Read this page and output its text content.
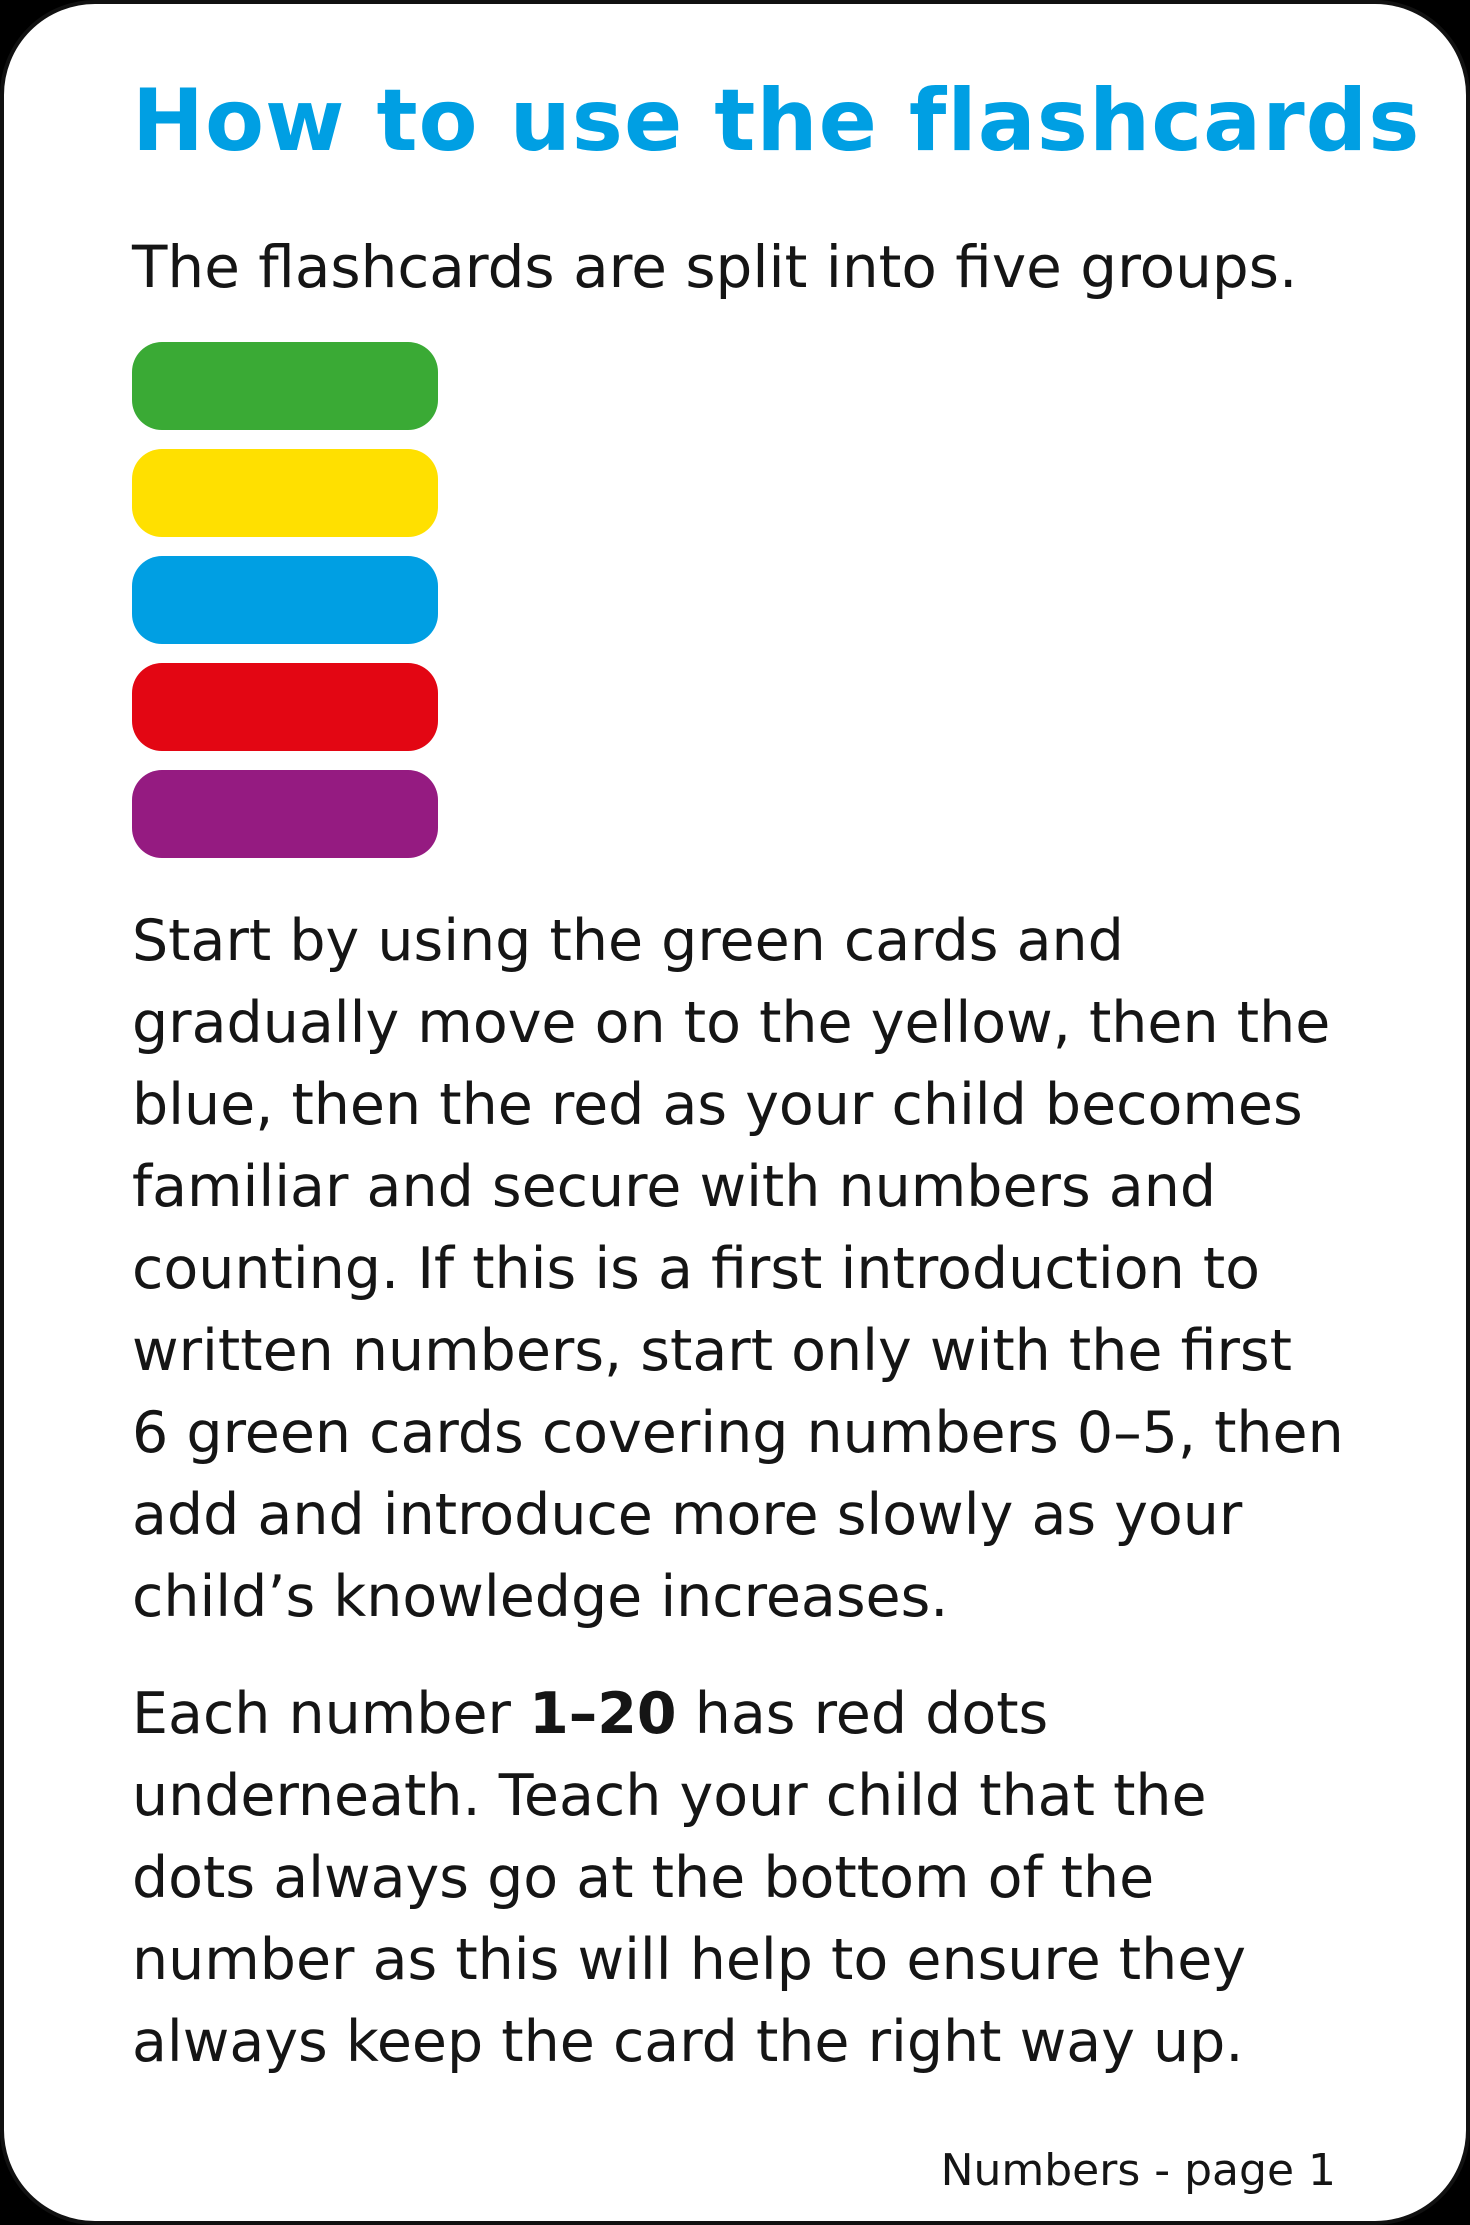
How to use the flashcards

The flashcards are split into five groups.

Start by using the green cards and
gradually move on to the yellow, then the
blue, then the red as your child becomes
familiar and secure with numbers and
counting. If this is a first introduction to
written numbers, start only with the first
6 green cards covering numbers 0–5, then
add and introduce more slowly as your
child’s knowledge increases.

Each number 1–20 has red dots
underneath. Teach your child that the
dots always go at the bottom of the
number as this will help to ensure they
always keep the card the right way up.

Numbers - page 1
